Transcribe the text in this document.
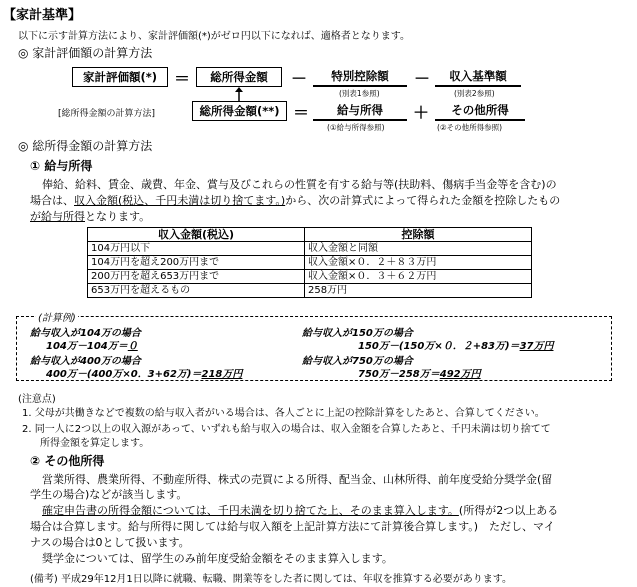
【家計基準】
以下に示す計算方法により、家計評価額(*)がゼロ円以下になれば、適格者となります。
◎ 家計評価額の計算方法
家計評価額(*)	＝	総所得金額	－	特別控除額
(別表1参照)
－	収入基準額
(別表2参照)
[総所得金額の計算方法]	総所得金額(**) ＝	給与所得
(①給与所得参照)
＋	その他所得
(②その他所得参照)
◎ 総所得金額の計算方法
① 給与所得
俸給、給料、賃金、歳費、年金、賞与及びこれらの性質を有する給与等(扶助料、傷病手当金等を含む)の
場合は、収入金額(税込、千円未満は切り捨てます。)から、次の計算式によって得られた金額を控除したもの
が給与所得となります。
収入金額(税込)	控除額
104万円以下	収入金額と同額
104万円を超え200万円まで	収入金額×０．２＋８３万円
200万円を超え653万円まで	収入金額×０．３＋６２万円
653万円を超えるもの	258万円
(計算例)
給与収入が104万の場合
104万－104万＝０
給与収入が400万の場合
400万－(400万×0．3+62万)＝218万円
給与収入が150万の場合
150万－(150万×０．２+83万)＝37万円
給与収入が750万の場合
750万－258万＝492万円
(注意点)
1. 父母が共働きなどで複数の給与収入者がいる場合は、各人ごとに上記の控除計算をしたあと、合算してください。
2. 同一人に2つ以上の収入源があって、いずれも給与収入の場合は、収入金額を合算したあと、千円未満は切り捨てて
所得金額を算定します。
② その他所得
営業所得、農業所得、不動産所得、株式の売買による所得、配当金、山林所得、前年度受給分奨学金(留
学生の場合)などが該当します。
確定申告書の所得金額については、千円未満を切り捨てた上、そのまま算入します。(所得が2つ以上ある
場合は合算します。給与所得に関しては給与収入額を上記計算方法にて計算後合算します。)　ただし、マイ
ナスの場合は0として扱います。
奨学金については、留学生のみ前年度受給金額をそのまま算入します。
(備考) 平成29年12月1日以降に就職、転職、開業等をした者に関しては、年収を推算する必要があります。
